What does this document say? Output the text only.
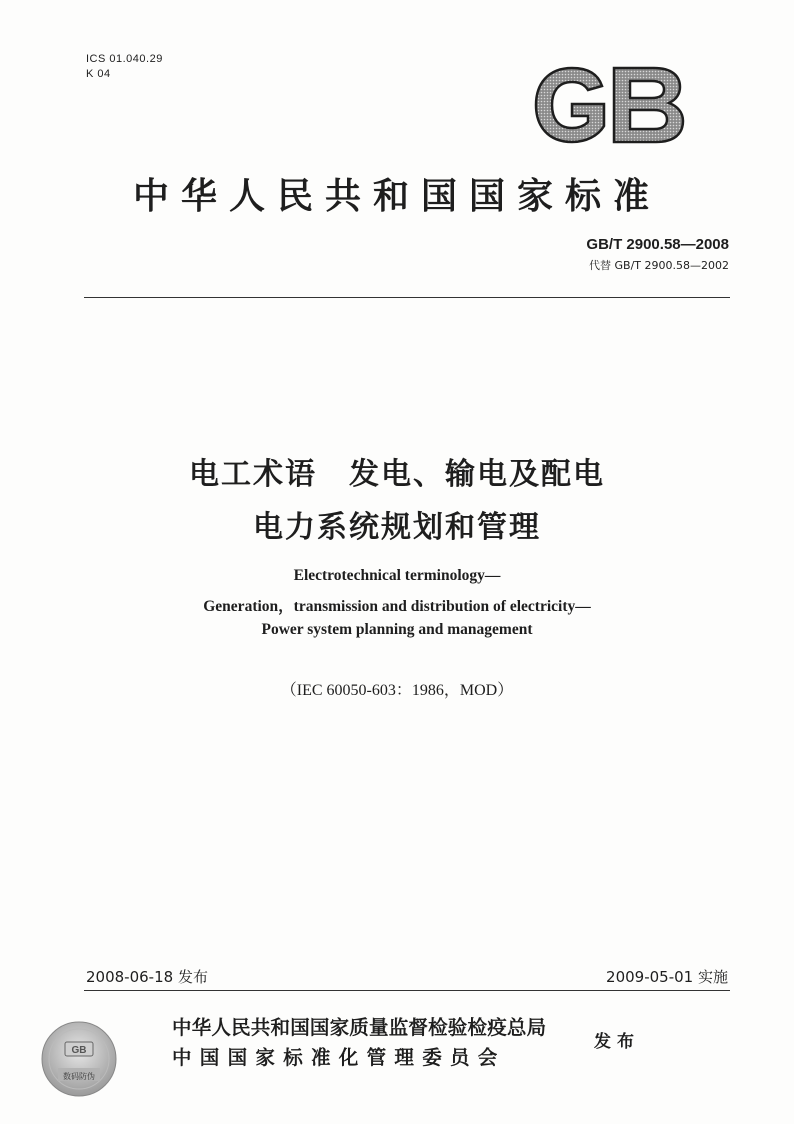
ICS 01.040.29
K 04
中华人民共和国国家标准
GB/T 2900.58—2008
代替 GB/T 2900.58—2002
电工术语　发电、输电及配电
电力系统规划和管理
Electrotechnical terminology—
Generation，transmission and distribution of electricity—
Power system planning and management
（IEC 60050-603：1986，MOD）
2008-06-18 发布	2009-05-01 实施
GB
数码防伪
中华人民共和国国家质量监督检验检疫总局
中国国家标准化管理委员会
发布
